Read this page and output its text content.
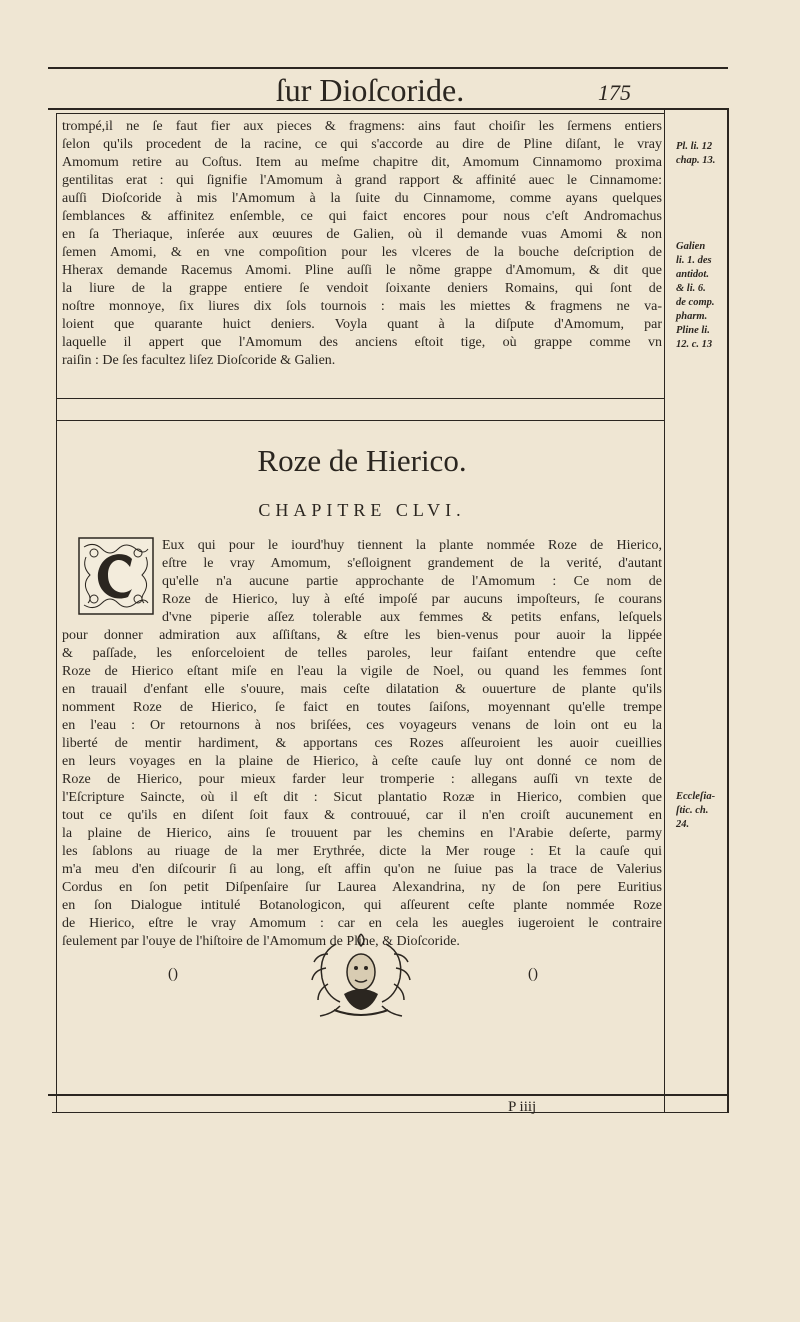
ſur Dioſcoride.	175
trompé,il ne ſe faut fier aux pieces & fragmens: ains faut choiſir les ſermens entiers
ſelon qu'ils procedent de la racine, ce qui s'accorde au dire de Pline diſant, le vray
Amomum retire au Coſtus. Item au meſme chapitre dit, Amomum Cinnamomo proxima
gentilitas erat : qui ſignifie l'Amomum à grand rapport & affinité auec le Cinnamome:
auſſi Dioſcoride à mis l'Amomum à la ſuite du Cinnamome, comme ayans quelques
ſemblances & affinitez enſemble, ce qui faict encores pour nous c'eſt Andromachus
en ſa Theriaque, inſerée aux œuures de Galien, où il demande vuas Amomi & non
ſemen Amomi, & en vne compoſition pour les vlceres de la bouche deſcription de
Hherax demande Racemus Amomi. Pline auſſi le nõme grappe d'Amomum, & dit que
la liure de la grappe entiere ſe vendoit ſoixante deniers Romains, qui ſont de
noſtre monnoye, ſix liures dix ſols tournois : mais les miettes & fragmens ne va-
loient que quarante huict deniers. Voyla quant à la diſpute d'Amomum, par
laquelle il appert que l'Amomum des anciens eſtoit tige, où grappe comme vn
raiſin : De ſes facultez liſez Dioſcoride & Galien.
Pl. li. 12
chap. 13.
Galien
li. 1. des
antidot.
& li. 6.
de comp.
pharm.
Pline li.
12. c. 13
Eccleſia-
ſtic. ch.
24.
Roze de Hierico.
CHAPITRE CLVI.
Eux qui pour le iourd'huy tiennent la plante nommée Roze de Hierico,
eſtre le vray Amomum, s'eſloignent grandement de la verité, d'autant
qu'elle n'a aucune partie approchante de l'Amomum : Ce nom de
Roze de Hierico, luy à eſté impoſé par aucuns impoſteurs, ſe courans
d'vne piperie aſſez tolerable aux femmes & petits enfans, leſquels
pour donner admiration aux aſſiſtans, & eſtre les bien-venus pour auoir la lippée
& paſſade, les enſorceloient de telles paroles, leur faiſant entendre que ceſte
Roze de Hierico eſtant miſe en l'eau la vigile de Noel, ou quand les femmes ſont
en trauail d'enfant elle s'ouure, mais ceſte dilatation & ouuerture de plante qu'ils
nomment Roze de Hierico, ſe faict en toutes ſaiſons, moyennant qu'elle trempe
en l'eau : Or retournons à nos briſées, ces voyageurs venans de loin ont eu la
liberté de mentir hardiment, & apportans ces Rozes aſſeuroient les auoir cueillies
en leurs voyages en la plaine de Hierico, à ceſte cauſe luy ont donné ce nom de
Roze de Hierico, pour mieux farder leur tromperie : allegans auſſi vn texte de
l'Eſcripture Saincte, où il eſt dit : Sicut plantatio Rozæ in Hierico, combien que
tout ce qu'ils en diſent ſoit faux & controuué, car il n'en croiſt aucunement en
la plaine de Hierico, ains ſe trouuent par les chemins en l'Arabie deſerte, parmy
les ſablons au riuage de la mer Erythrée, dicte la Mer rouge : Et la cauſe qui
m'a meu d'en diſcourir ſi au long, eſt affin qu'on ne ſuiue pas la trace de Valerius
Cordus en ſon petit Diſpenſaire ſur Laurea Alexandrina, ny de ſon pere Euritius
en ſon Dialogue intitulé Botanologicon, qui aſſeurent ceſte plante nommée Roze
de Hierico, eſtre le vray Amomum : car en cela les auegles iugeroient le contraire
ſeulement par l'ouye de l'hiſtoire de l'Amomum de Pline, & Dioſcoride.
()	()
P iiij
